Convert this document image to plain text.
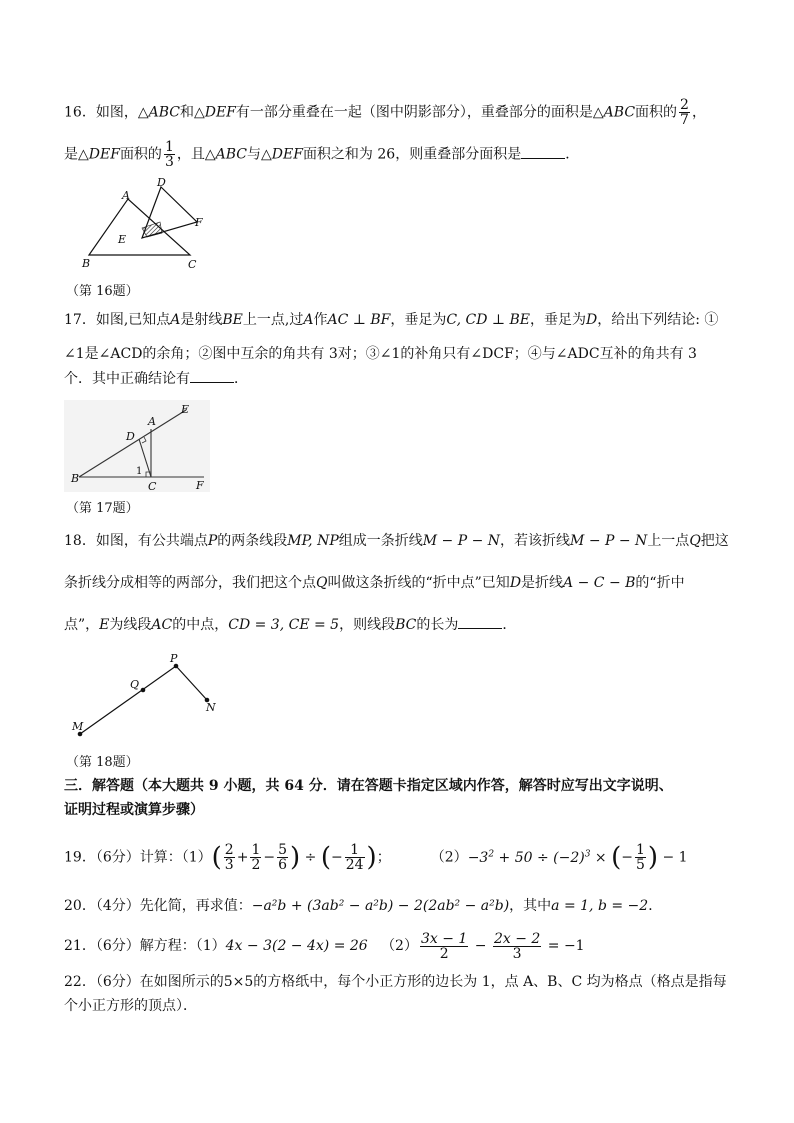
16．如图，△ABC和△DEF有一部分重叠在一起（图中阴影部分），重叠部分的面积是△ABC面积的 $\frac{2}{7}$ ，
是△DEF面积的 $\frac{1}{3}$ ，且△ABC与△DEF面积之和为 26，则重叠部分面积是	．
A
B	C
D
E
F
（第 16题）
17．如图,已知点A是射线BE上一点,过A作AC ⊥ BF，垂足为C, CD ⊥ BE，垂足为D，给出下列结论: ①
∠1是∠ACD的余角；②图中互余的角共有 3对；③∠1的补角只有∠DCF；④与∠ADC互补的角共有 3
个．其中正确结论有	．
B
C
D
A
E
F
1
（第 17题）
18．如图，有公共端点P的两条线段MP, NP组成一条折线M − P − N，若该折线M − P − N上一点Q把这
条折线分成相等的两部分，我们把这个点Q叫做这条折线的“折中点”已知D是折线A − C − B的“折中
点”，E为线段AC的中点，CD = 3, CE = 5，则线段BC的长为	．
M
Q
P
N
（第 18题）
三．解答题（本大题共 9 小题，共 64 分．请在答题卡指定区域内作答，解答时应写出文字说明、
证明过程或演算步骤）
19．（6分）计算：$(1)( \frac{2}{3} + \frac{1}{2} - \frac{5}{6}$ ) ÷ (− $\frac{1}{24}$ )；         $(2)-3^2 + 50 \div (-2)^3$ × (− $\frac{1}{5}$ ) − 1
20．（4分）先化简，再求值：−a²b + (3ab² − a²b) − 2(2ab² − a²b)，其中a = 1, b = −2．
21．（6分）解方程：（1）4x − 3(2 − 4x) = 26 $(2) \frac{3x - 1}{2} - \frac{2x - 2}{3} = -1$
22．（6分）在如图所示的5×5的方格纸中，每个小正方形的边长为 1，点 A、B、C 均为格点（格点是指每
个小正方形的顶点）．
